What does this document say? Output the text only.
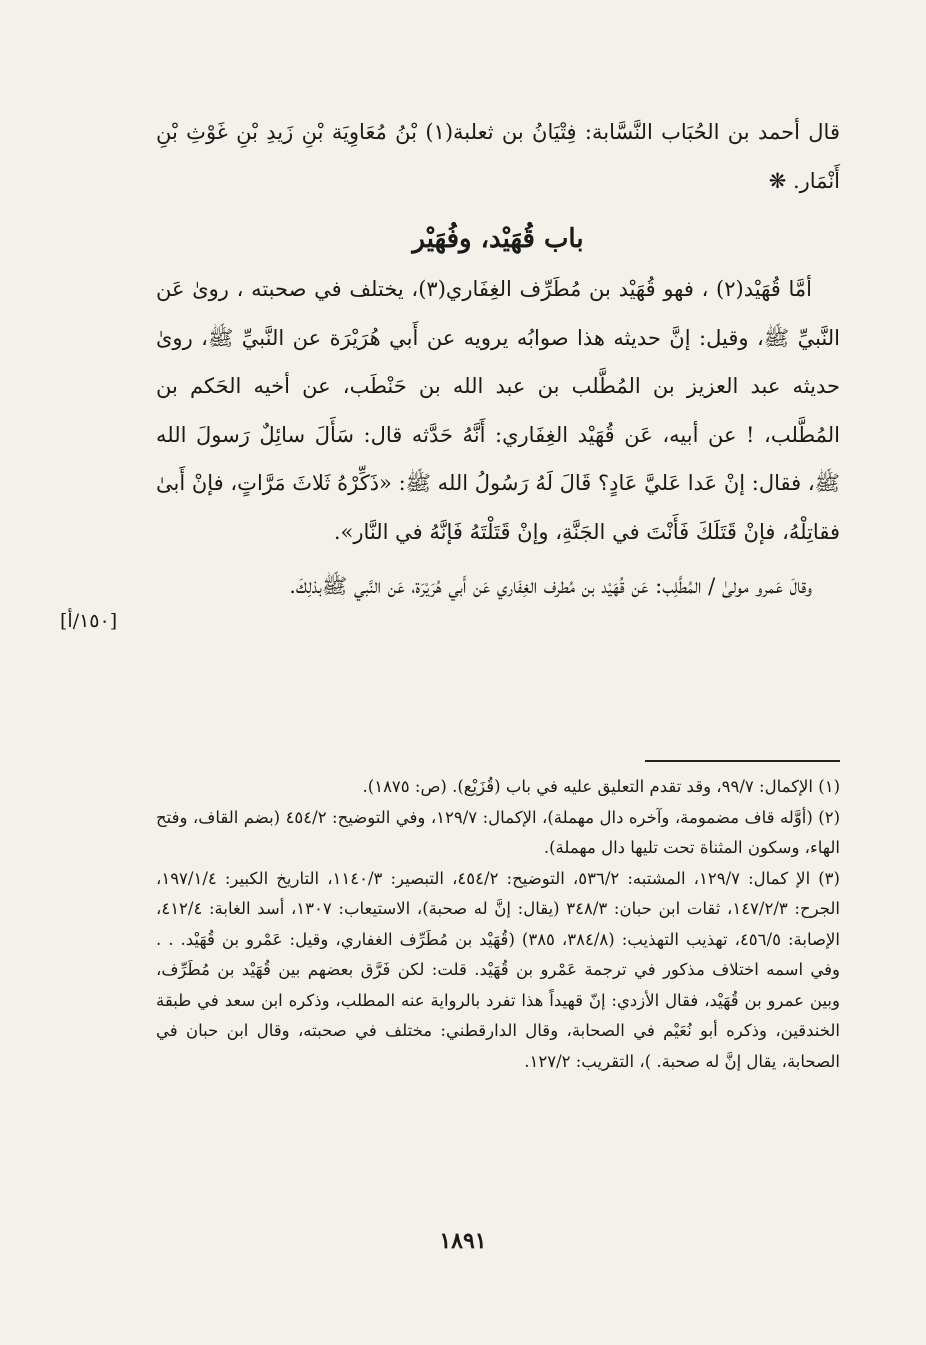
قال أحمد بن الحُبَاب النَّسَّابة: فِتْيَانُ بن ثعلبة(١) بْنُ مُعَاوِيَة بْنِ زَيدِ بْنِ غَوْثِ بْنِ أَنْمَار. ❋

باب قُهَيْد، وفُهَيْر

أمَّا قُهَيْد(٢) ، فهو قُهَيْد بن مُطَرِّف الغِفَاري(٣)، يختلف في صحبته ، روىٰ عَن النَّبيِّ ﷺ، وقيل: إنَّ حديثه هذا صوابُه يرويه عن أَبي هُرَيْرَة عن النَّبيِّ ﷺ، روىٰ حديثه عبد العزيز بن المُطَّلب بن عبد الله بن حَنْطَب، عن أخيه الحَكم بن المُطَّلب، ! عن أبيه، عَن قُهَيْد الغِفَاري: أَنَّهُ حَدَّثه قال: سَأَلَ سائِلٌ رَسولَ الله ﷺ، فقال: إنْ عَدا عَليَّ عَادٍ؟ قَالَ لَهُ رَسُولُ الله ﷺ: «ذَكِّرْهُ ثَلاثَ مَرَّاتٍ، فإنْ أَبىٰ فقاتِلْهُ، فإنْ قَتَلَكَ فَأَنْتَ في الجَنَّةِ، وإنْ قَتَلْتَهُ فَإنَّهُ في النَّار».

وقالَ عَمرو مولىٰ / المُطَّلِب: عَن قُهَيْد بن مُطرف الغِفَاري عَن أَبي هُرَيْرَة، عَن النَّبي ﷺبذلِكَ.

[١٥٠/أ]

(١) الإكمال: ٩٩/٧، وقد تقدم التعليق عليه في باب (قُزَيْع). (ص: ١٨٧٥).

(٢) (أوَّله قاف مضمومة، وآخره دال مهملة)، الإكمال: ١٢٩/٧، وفي التوضيح: ٤٥٤/٢ (بضم القاف، وفتح الهاء، وسكون المثناة تحت تليها دال مهملة).

(٣) الإ كمال: ١٢٩/٧، المشتبه: ٥٣٦/٢، التوضيح: ٤٥٤/٢، التبصير: ١١٤٠/٣، التاريخ الكبير: ١٩٧/١/٤، الجرح: ١٤٧/٢/٣، ثقات ابن حبان: ٣٤٨/٣ (يقال: إنَّ له صحبة)، الاستيعاب: ١٣٠٧، أسد الغابة: ٤١٢/٤، الإصابة: ٤٥٦/٥، تهذيب التهذيب: (٣٨٤/٨، ٣٨٥) (قُهَيْد بن مُطَرِّف الغفاري، وقيل: عَمْرو بن قُهَيْد. . . وفي اسمه اختلاف مذكور في ترجمة عَمْرو بن قُهَيْد. قلت: لكن فَرَّق بعضهم بين قُهَيْد بن مُطَرِّف، وبين عمرو بن قُهَيْد، فقال الأزدي: إنّ قهيداً هذا تفرد بالرواية عنه المطلب، وذكره ابن سعد في طبقة الخندقين، وذكره أبو نُعَيْم في الصحابة، وقال الدارقطني: مختلف في صحبته، وقال ابن حبان في الصحابة، يقال إنَّ له صحبة. )، التقريب: ١٢٧/٢.

١٨٩١
